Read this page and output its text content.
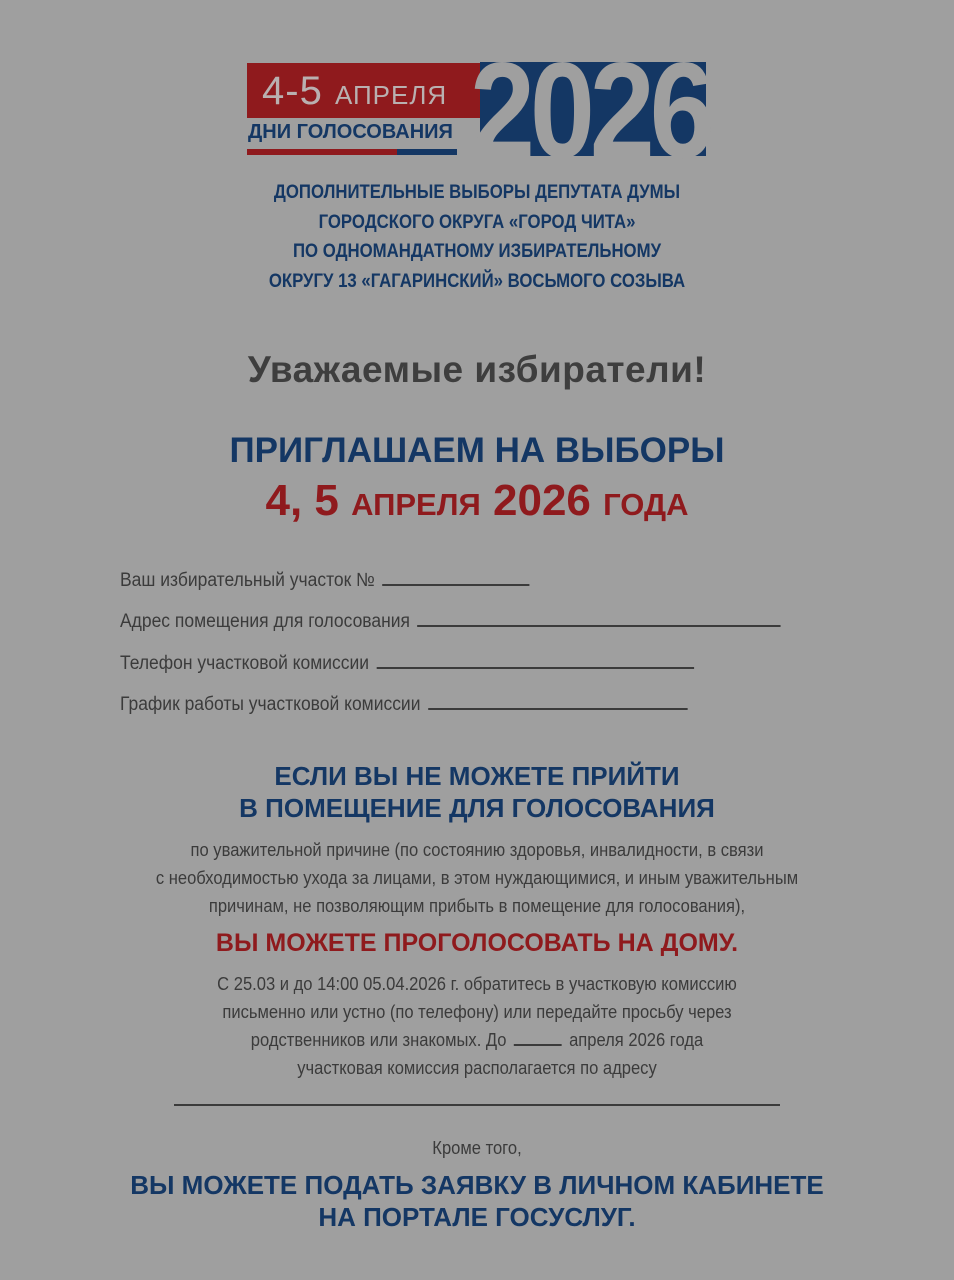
4-5 АПРЕЛЯ
ДНИ ГОЛОСОВАНИЯ 2026
ДОПОЛНИТЕЛЬНЫЕ ВЫБОРЫ ДЕПУТАТА ДУМЫ
ГОРОДСКОГО ОКРУГА «ГОРОД ЧИТА»
ПО ОДНОМАНДАТНОМУ ИЗБИРАТЕЛЬНОМУ
ОКРУГУ 13 «ГАГАРИНСКИЙ» ВОСЬМОГО СОЗЫВА
Уважаемые избиратели!
ПРИГЛАШАЕМ НА ВЫБОРЫ
4, 5 АПРЕЛЯ 2026 ГОДА
Ваш избирательный участок №
Адрес помещения для голосования
Телефон участковой комиссии
График работы участковой комиссии
ЕСЛИ ВЫ НЕ МОЖЕТЕ ПРИЙТИ
В ПОМЕЩЕНИЕ ДЛЯ ГОЛОСОВАНИЯ
по уважительной причине (по состоянию здоровья, инвалидности, в связи
с необходимостью ухода за лицами, в этом нуждающимися, и иным уважительным
причинам, не позволяющим прибыть в помещение для голосования),
ВЫ МОЖЕТЕ ПРОГОЛОСОВАТЬ НА ДОМУ.
С 25.03 и до 14:00 05.04.2026 г. обратитесь в участковую комиссию
письменно или устно (по телефону) или передайте просьбу через
родственников или знакомых. До	апреля 2026 года
участковая комиссия располагается по адресу
Кроме того,
ВЫ МОЖЕТЕ ПОДАТЬ ЗАЯВКУ В ЛИЧНОМ КАБИНЕТЕ
НА ПОРТАЛЕ ГОСУСЛУГ.
